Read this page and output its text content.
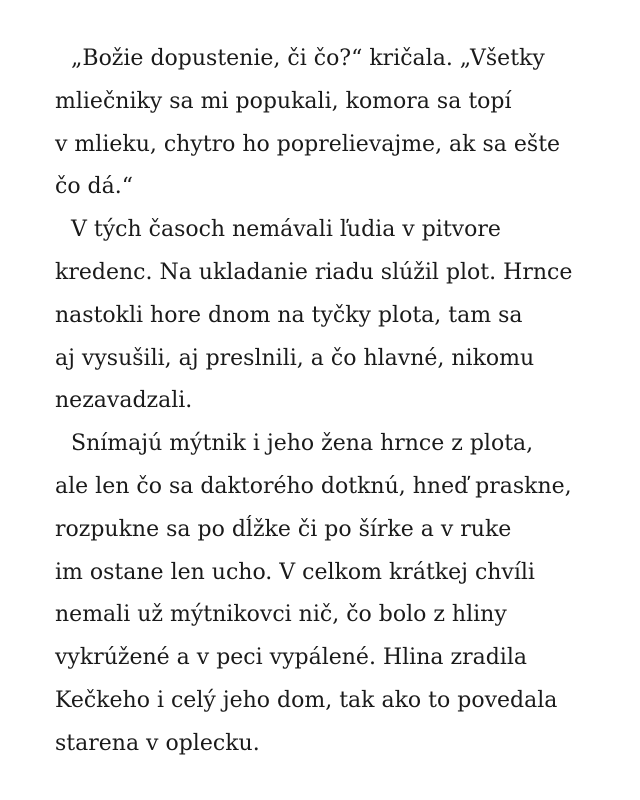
„Božie dopustenie, či čo?“ kričala. „Všetky
mliečniky sa mi popukali, komora sa topí
v mlieku, chytro ho poprelievajme, ak sa ešte
čo dá.“
V tých časoch nemávali ľudia v pitvore
kredenc. Na ukladanie riadu slúžil plot. Hrnce
nastokli hore dnom na tyčky plota, tam sa
aj vysušili, aj preslnili, a čo hlavné, nikomu
nezavadzali.
Snímajú mýtnik i jeho žena hrnce z plota,
ale len čo sa daktorého dotknú, hneď praskne,
rozpukne sa po dĺžke či po šírke a v ruke
im ostane len ucho. V celkom krátkej chvíli
nemali už mýtnikovci nič, čo bolo z hliny
vykrúžené a v peci vypálené. Hlina zradila
Kečkeho i celý jeho dom, tak ako to povedala
starena v oplecku.
